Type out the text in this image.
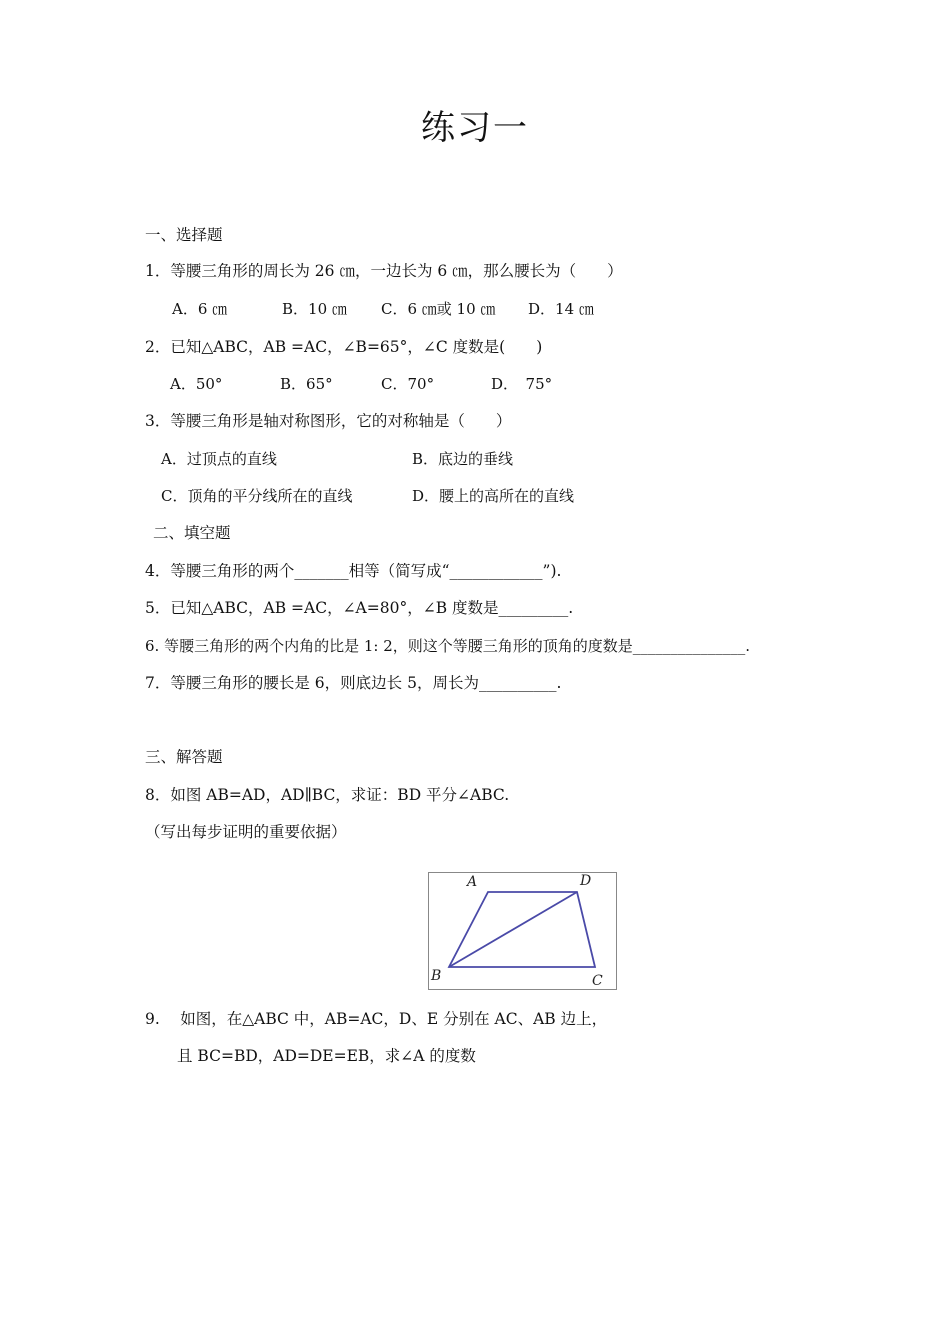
练习一
一、选择题
1．等腰三角形的周长为 26 ㎝，一边长为 6 ㎝，那么腰长为（　　）
A．6 ㎝	B．10 ㎝ C．6 ㎝或 10 ㎝ D．14 ㎝
2．已知△ABC，AB =AC，∠B=65°，∠C 度数是(　　)
A．50°	B．65°	C．70°	D．　75°
3．等腰三角形是轴对称图形，它的对称轴是（　　）
A．过顶点的直线	B．底边的垂线
C．顶角的平分线所在的直线	D．腰上的高所在的直线
二、填空题
4．等腰三角形的两个_______相等（简写成“____________”).
5．已知△ABC，AB =AC，∠A=80°，∠B 度数是_________.
6. 等腰三角形的两个内角的比是 1: 2，则这个等腰三角形的顶角的度数是_______________.
7．等腰三角形的腰长是 6，则底边长 5，周长为__________.
三、解答题
8．如图 AB=AD，AD∥BC，求证：BD 平分∠ABC.
（写出每步证明的重要依据）
A	D
B	C
9.　 如图，在△ABC 中，AB=AC，D、E 分别在 AC、AB 边上，
且 BC=BD，AD=DE=EB，求∠A 的度数
